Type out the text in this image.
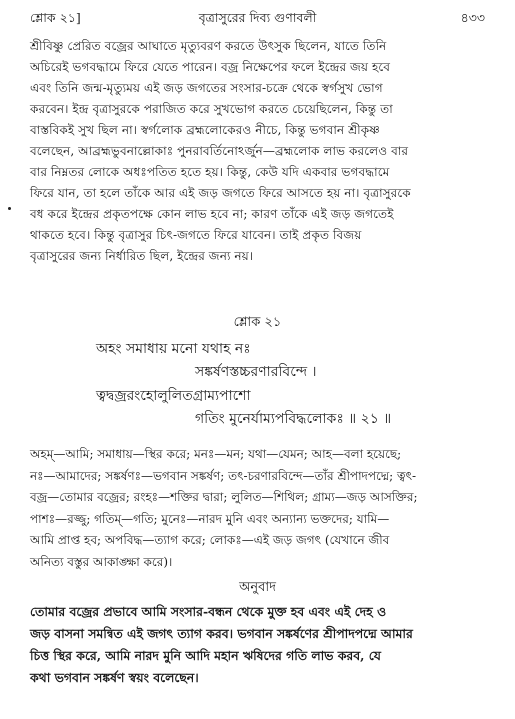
শ্লোক ২১]	বৃত্রাসুরের দিব্য গুণাবলী	৪৩৩

শ্রীবিষ্ণু প্রেরিত বজ্রের আঘাতে মৃত্যুবরণ করতে উৎসুক ছিলেন, যাতে তিনি

অচিরেই ভগবদ্ধামে ফিরে যেতে পারেন। বজ্র নিক্ষেপের ফলে ইন্দ্রের জয় হবে

এবং তিনি জন্ম-মৃত্যুময় এই জড় জগতের সংসার-চক্রে থেকে স্বর্গসুখ ভোগ

করবেন। ইন্দ্র বৃত্রাসুরকে পরাজিত করে সুখভোগ করতে চেয়েছিলেন, কিন্তু তা

বাস্তবিকই সুখ ছিল না। স্বর্গলোক ব্রহ্মলোকেরও নীচে, কিন্তু ভগবান শ্রীকৃষ্ণ

বলেছেন, আব্রহ্মভুবনাল্লোকাঃ পুনরাবর্তিনোঽর্জুন—ব্রহ্মলোক লাভ করলেও বার

বার নিম্নতর লোকে অধঃপতিত হতে হয়। কিন্তু, কেউ যদি একবার ভগবদ্ধামে

ফিরে যান, তা হলে তাঁকে আর এই জড় জগতে ফিরে আসতে হয় না। বৃত্রাসুরকে

বধ করে ইন্দ্রের প্রকৃতপক্ষে কোন লাভ হবে না; কারণ তাঁকে এই জড় জগতেই

থাকতে হবে। কিন্তু বৃত্রাসুর চিৎ-জগতে ফিরে যাবেন। তাই প্রকৃত বিজয়

বৃত্রাসুরের জন্য নির্ধারিত ছিল, ইন্দ্রের জন্য নয়।

শ্লোক ২১
অহং সমাধায় মনো যথাহ নঃ
সঙ্কর্ষণস্তচ্চরণারবিন্দে ।
ত্বদ্বজ্ররংহোলুলিতগ্রাম্যপাশো
গতিং মুনের্যাম্যপবিদ্ধলোকঃ ॥ ২১ ॥

অহম্—আমি; সমাধায়—স্থির করে; মনঃ—মন; যথা—যেমন; আহ—বলা হয়েছে;

নঃ—আমাদের; সঙ্কর্ষণঃ—ভগবান সঙ্কর্ষণ; তৎ-চরণারবিন্দে—তাঁর শ্রীপাদপদ্মে; ত্বৎ-

বজ্র—তোমার বজ্রের; রংহঃ—শক্তির দ্বারা; লুলিত—শিথিল; গ্রাম্য—জড় আসক্তির;

পাশঃ—রজ্জু; গতিম্—গতি; মুনেঃ—নারদ মুনি এবং অন্যান্য ভক্তদের; যামি—

আমি প্রাপ্ত হব; অপবিদ্ধ—ত্যাগ করে; লোকঃ—এই জড় জগৎ (যেখানে জীব

অনিত্য বস্তুর আকাঙ্ক্ষা করে)।

অনুবাদ

তোমার বজ্রের প্রভাবে আমি সংসার-বন্ধন থেকে মুক্ত হব এবং এই দেহ ও

জড় বাসনা সমন্বিত এই জগৎ ত্যাগ করব। ভগবান সঙ্কর্ষণের শ্রীপাদপদ্মে আমার

চিত্ত স্থির করে, আমি নারদ মুনি আদি মহান ঋষিদের গতি লাভ করব, যে

কথা ভগবান সঙ্কর্ষণ স্বয়ং বলেছেন।
